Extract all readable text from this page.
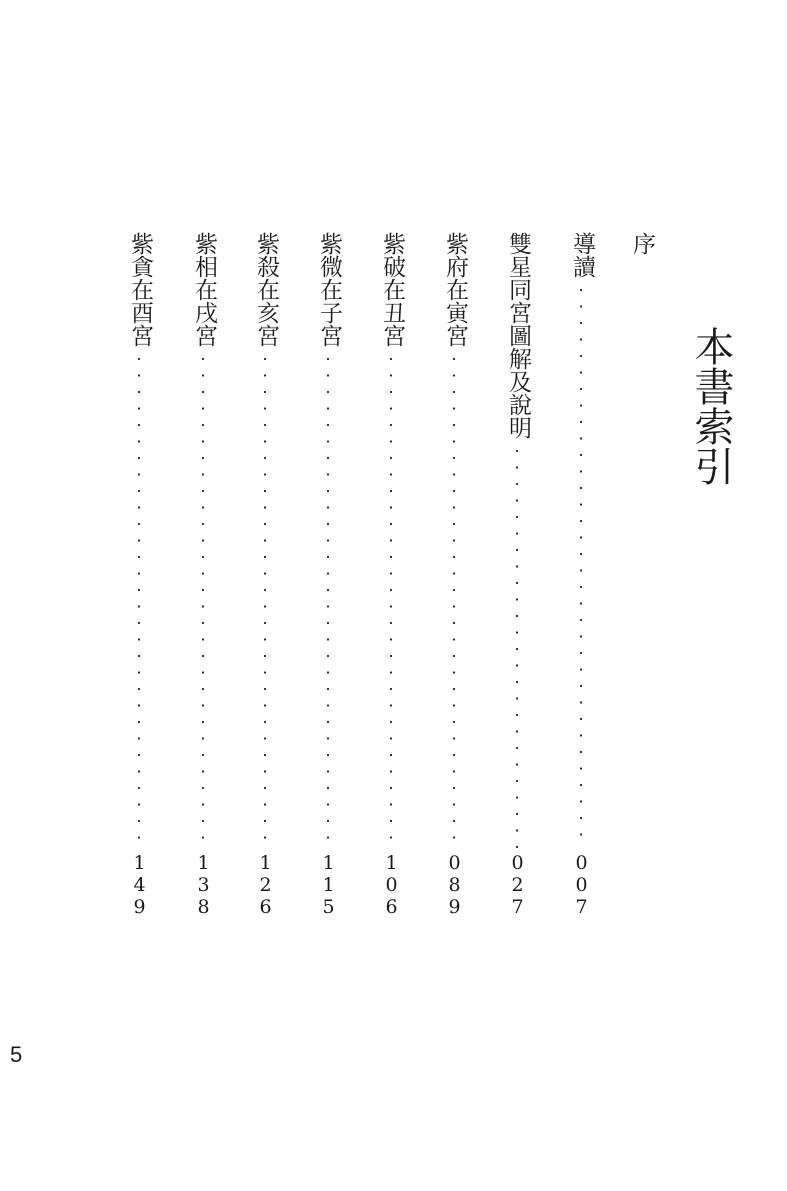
本書索引
序
導讀
007
雙星同宮圖解及說明
027
紫府在寅宮
089
紫破在丑宮
106
紫微在子宮
115
紫殺在亥宮
126
紫相在戌宮
138
紫貪在酉宮
149
5
